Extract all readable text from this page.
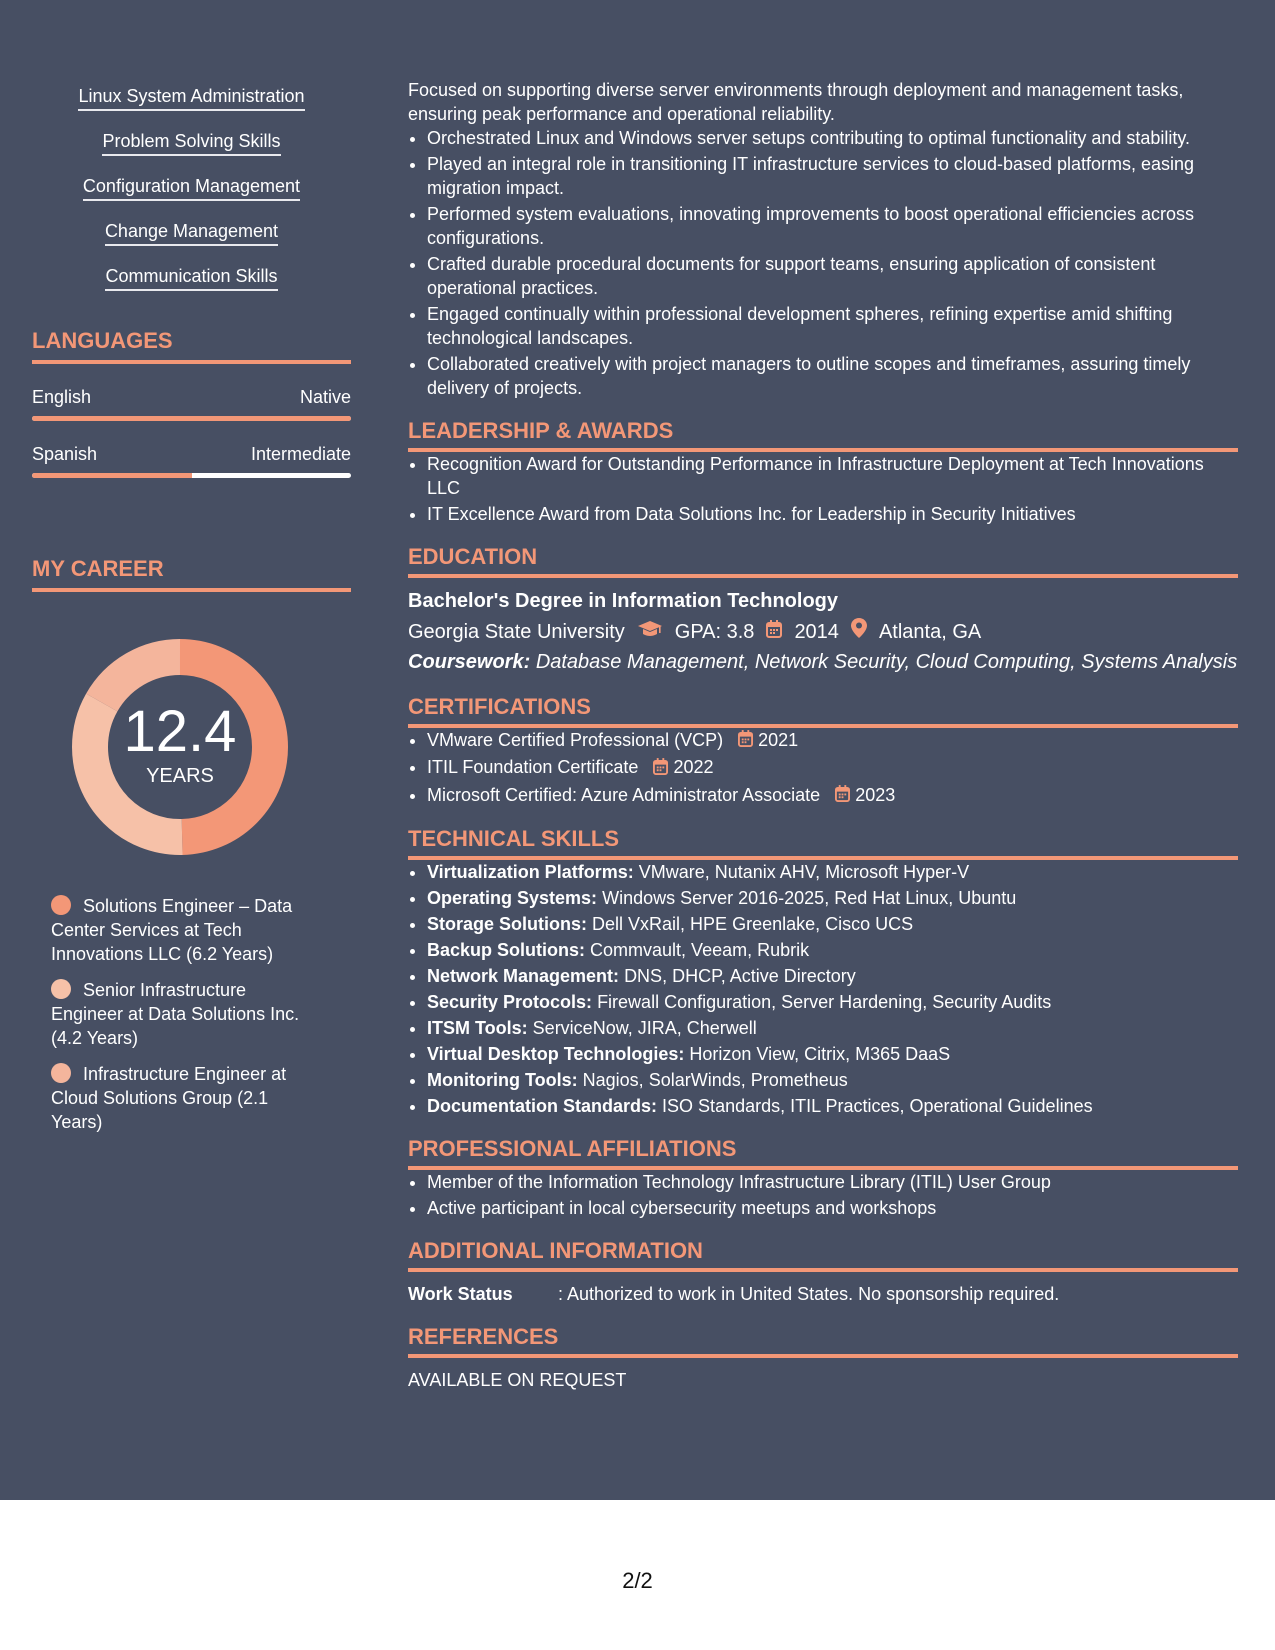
Linux System Administration
Problem Solving Skills
Configuration Management
Change Management
Communication Skills
LANGUAGES
English	Native
Spanish	Intermediate
MY CAREER
12.4
YEARS
Solutions Engineer – Data Center Services at Tech Innovations LLC (6.2 Years)
Senior Infrastructure Engineer at Data Solutions Inc. (4.2 Years)
Infrastructure Engineer at Cloud Solutions Group (2.1 Years)
Focused on supporting diverse server environments through deployment and management tasks, ensuring peak performance and operational reliability.
• Orchestrated Linux and Windows server setups contributing to optimal functionality and stability.
• Played an integral role in transitioning IT infrastructure services to cloud-based platforms, easing migration impact.
• Performed system evaluations, innovating improvements to boost operational efficiencies across configurations.
• Crafted durable procedural documents for support teams, ensuring application of consistent operational practices.
• Engaged continually within professional development spheres, refining expertise amid shifting technological landscapes.
• Collaborated creatively with project managers to outline scopes and timeframes, assuring timely delivery of projects.
LEADERSHIP & AWARDS
• Recognition Award for Outstanding Performance in Infrastructure Deployment at Tech Innovations LLC
• IT Excellence Award from Data Solutions Inc. for Leadership in Security Initiatives
EDUCATION
Bachelor's Degree in Information Technology
Georgia State University	GPA: 3.8 2014 Atlanta, GA
Coursework: Database Management, Network Security, Cloud Computing, Systems Analysis
CERTIFICATIONS
• VMware Certified Professional (VCP) 2021
• ITIL Foundation Certificate 2022
• Microsoft Certified: Azure Administrator Associate 2023
TECHNICAL SKILLS
• Virtualization Platforms: VMware, Nutanix AHV, Microsoft Hyper-V
• Operating Systems: Windows Server 2016-2025, Red Hat Linux, Ubuntu
• Storage Solutions: Dell VxRail, HPE Greenlake, Cisco UCS
• Backup Solutions: Commvault, Veeam, Rubrik
• Network Management: DNS, DHCP, Active Directory
• Security Protocols: Firewall Configuration, Server Hardening, Security Audits
• ITSM Tools: ServiceNow, JIRA, Cherwell
• Virtual Desktop Technologies: Horizon View, Citrix, M365 DaaS
• Monitoring Tools: Nagios, SolarWinds, Prometheus
• Documentation Standards: ISO Standards, ITIL Practices, Operational Guidelines
PROFESSIONAL AFFILIATIONS
• Member of the Information Technology Infrastructure Library (ITIL) User Group
• Active participant in local cybersecurity meetups and workshops
ADDITIONAL INFORMATION
Work Status	: Authorized to work in United States. No sponsorship required.
REFERENCES
AVAILABLE ON REQUEST
2/2
